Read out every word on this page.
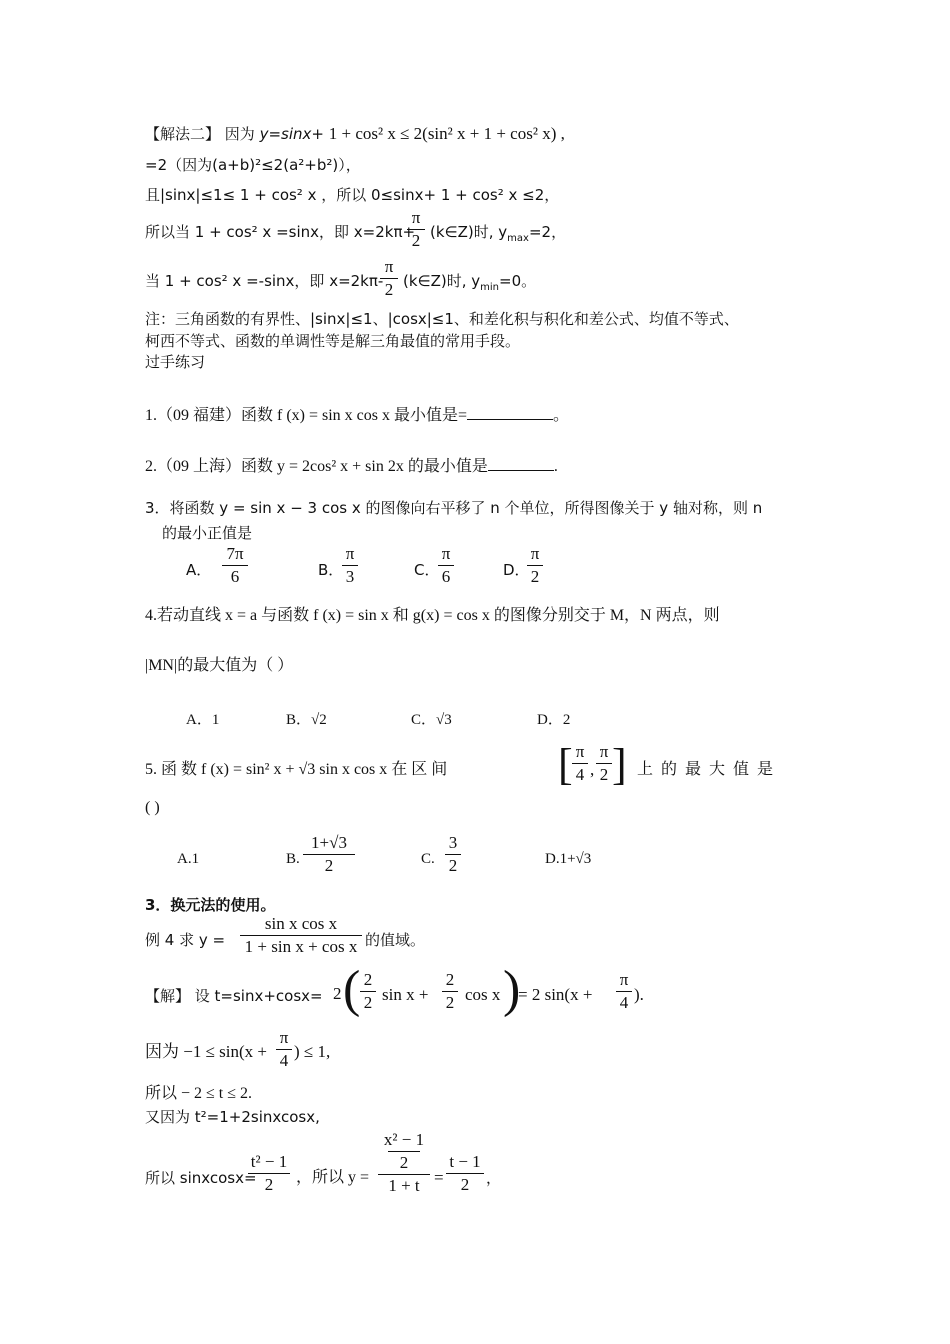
【解法二】 因为 y=sinx+ 1 + cos² x ≤ 2(sin² x + 1 + cos² x) ,
=2（因为(a+b)²≤2(a²+b²)），
且|sinx|≤1≤ 1 + cos² x ，所以 0≤sinx+ 1 + cos² x ≤2，
所以当 1 + cos² x =sinx，即 x=2kπ+
π
2 (k∈Z)时, $y_{max}=2$，
当 1 + cos² x =-sinx，即 x=2kπ-
π
2 (k∈Z)时, $y_{min}=0$。
注：三角函数的有界性、|sinx|≤1、|cosx|≤1、和差化积与积化和差公式、均值不等式、
柯西不等式、函数的单调性等是解三角最值的常用手段。
过手练习
1.（09 福建）函数 f (x) = sin x cos x 最小值是=	。
2.（09 上海）函数 y = 2cos² x + sin 2x 的最小值是	.
3．将函数 y = sin x − 3 cos x 的图像向右平移了 n 个单位，所得图像关于 y 轴对称，则 n
的最小正值是
A．
7π
6	B．
π
3	C．
π
6	D．
π
2
4.若动直线 x = a 与函数 f (x) = sin x 和 g(x) = cos x 的图像分别交于 M，N 两点，则
|MN|的最大值为（ ）
A．1	B．√2	C．√3	D．2
5. 函 数 f (x) = sin² x + √3 sin x cos x 在 区 间	[ π
4 ,
π
2 ] 上 的 最 大 值 是
( )
A.1	B.
1+√3
2	C.
3
2	D.1+√3
3．换元法的使用。
例 4 求 y =
sin x cos x
1 + sin x + cos x 的值域。
【解】 设 t=sinx+cosx= 2 ( 2
2 sin x +
2
2 cos x )
= 2 sin(x +
π
4 ).
因为 −1 ≤ sin(x +
π
4 ) ≤ 1,
所以 − 2 ≤ t ≤ 2.
又因为 t²=1+2sinxcosx,
所以 sinxcosx=
t² − 1
2	，所以 y =
x² − 1
2
1 + t =
t − 1
2	，
